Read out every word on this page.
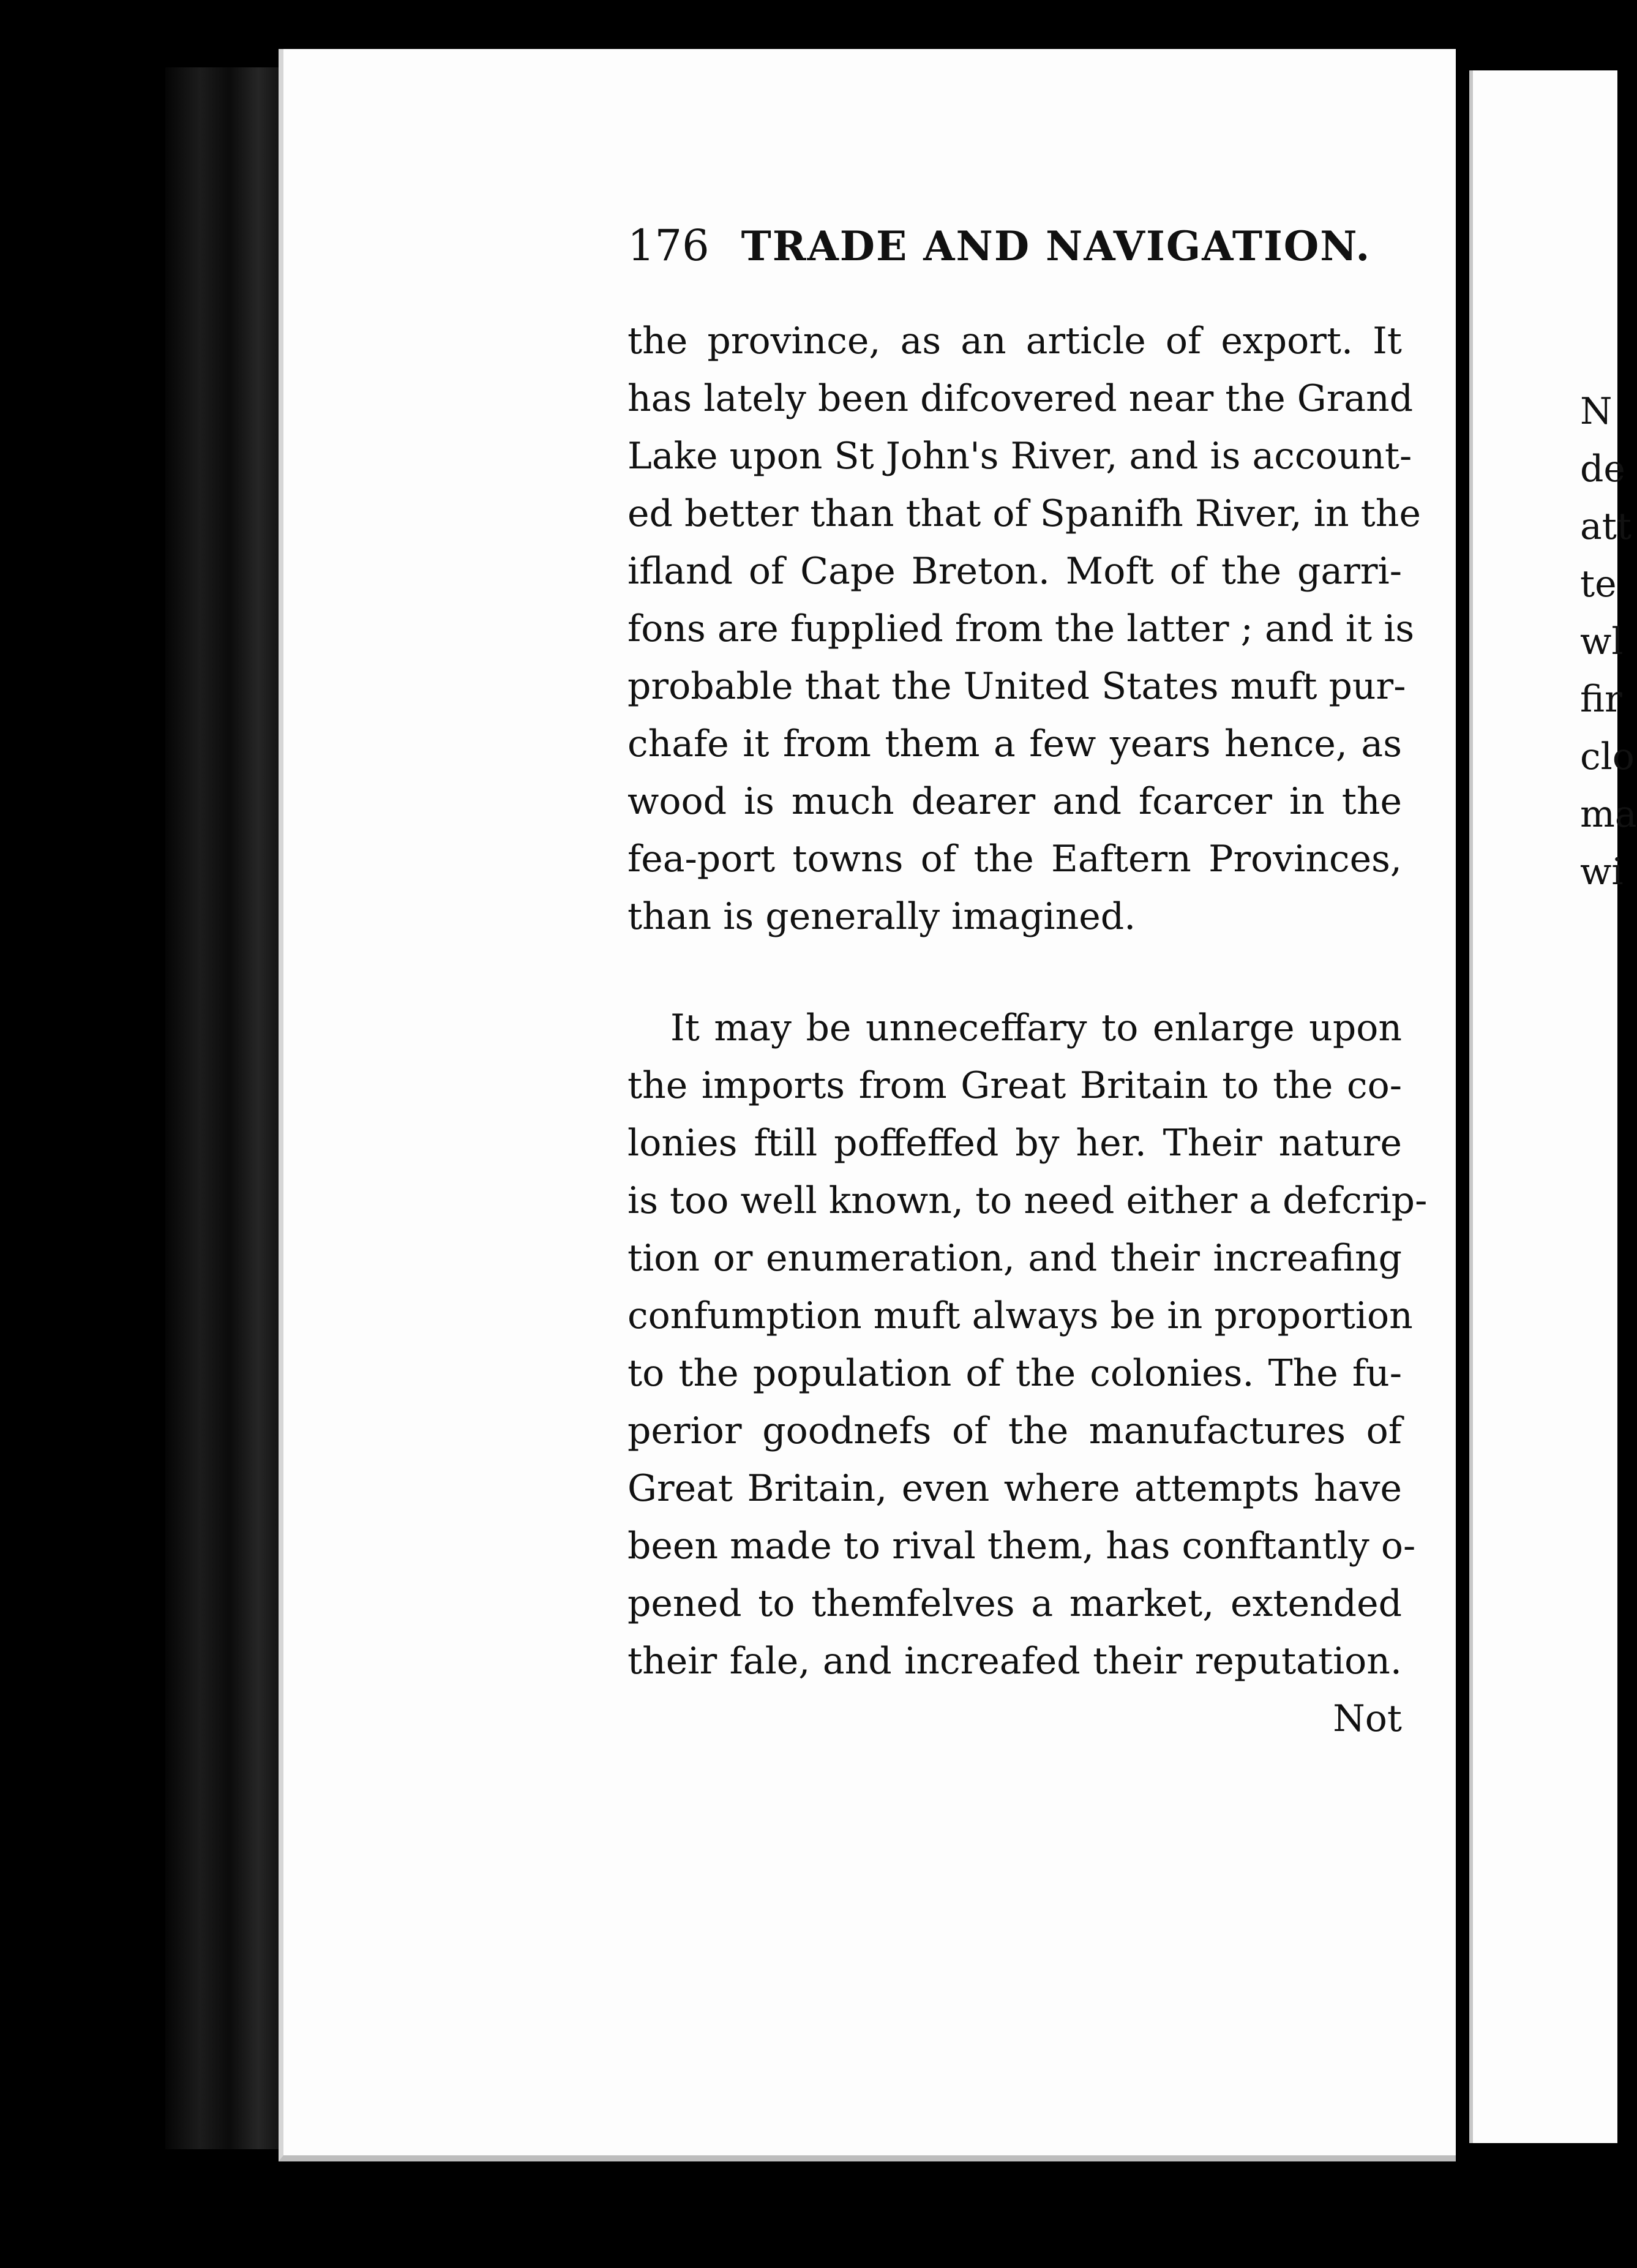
N
de
att
te
wl
fir
clo
ma
wi
176 TRADE AND NAVIGATION.
the province, as an article of export. It
has lately been difcovered near the Grand
Lake upon St John's River, and is account-
ed better than that of Spanifh River, in the
ifland of Cape Breton. Moft of the garri-
fons are fupplied from the latter ; and it is
probable that the United States muft pur-
chafe it from them a few years hence, as
wood is much dearer and fcarcer in the
fea-port towns of the Eaftern Provinces,
than is generally imagined.
It may be unneceffary to enlarge upon
the imports from Great Britain to the co-
lonies ftill poffeffed by her. Their nature
is too well known, to need either a defcrip-
tion or enumeration, and their increafing
confumption muft always be in proportion
to the population of the colonies. The fu-
perior goodnefs of the manufactures of
Great Britain, even where attempts have
been made to rival them, has conftantly o-
pened to themfelves a market, extended
their fale, and increafed their reputation.
Not
